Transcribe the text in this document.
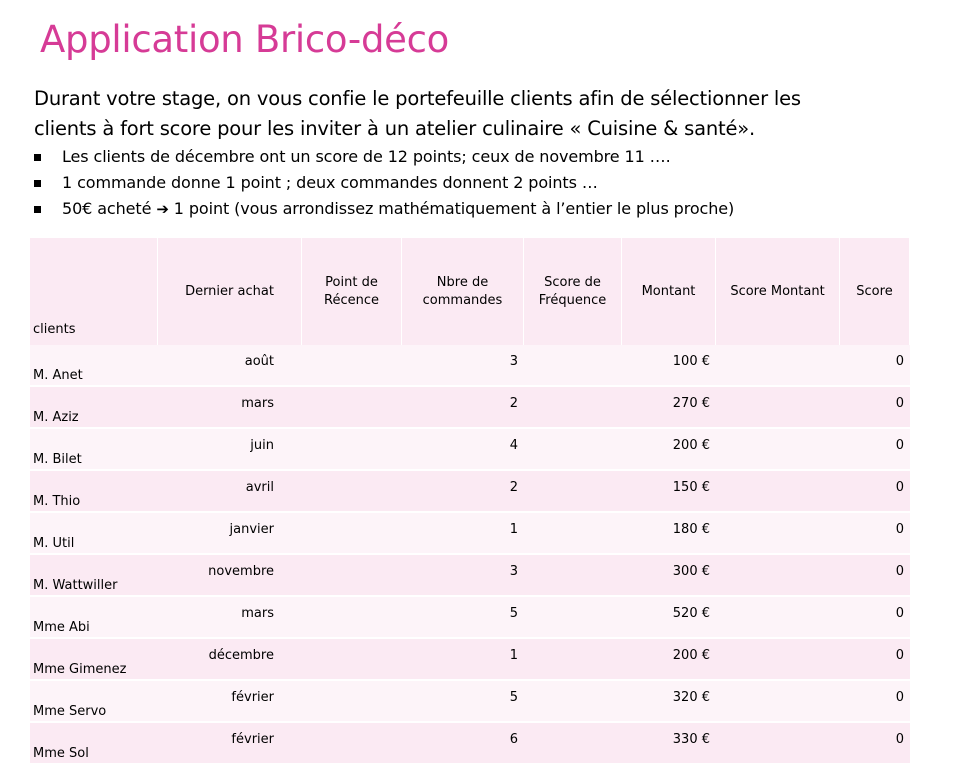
Application Brico-déco

Durant votre stage, on vous confie le portefeuille clients afin de sélectionner les

clients à fort score pour les inviter à un atelier culinaire « Cuisine & santé».

Les clients de décembre ont un score de 12 points; ceux de novembre 11 ….
1 commande donne 1 point ; deux commandes donnent 2 points …
50€ acheté ➔ 1 point (vous arrondissez mathématiquement à l’entier le plus proche)
clients	Dernier achat	Point de Récence	Nbre de commandes	Score de Fréquence	Montant	Score Montant	Score
M. Anet	août		3		100 €		0
M. Aziz	mars		2		270 €		0
M. Bilet	juin		4		200 €		0
M. Thio	avril		2		150 €		0
M. Util	janvier		1		180 €		0
M. Wattwiller	novembre		3		300 €		0
Mme Abi	mars		5		520 €		0
Mme Gimenez	décembre		1		200 €		0
Mme Servo	février		5		320 €		0
Mme Sol	février		6		330 €		0
